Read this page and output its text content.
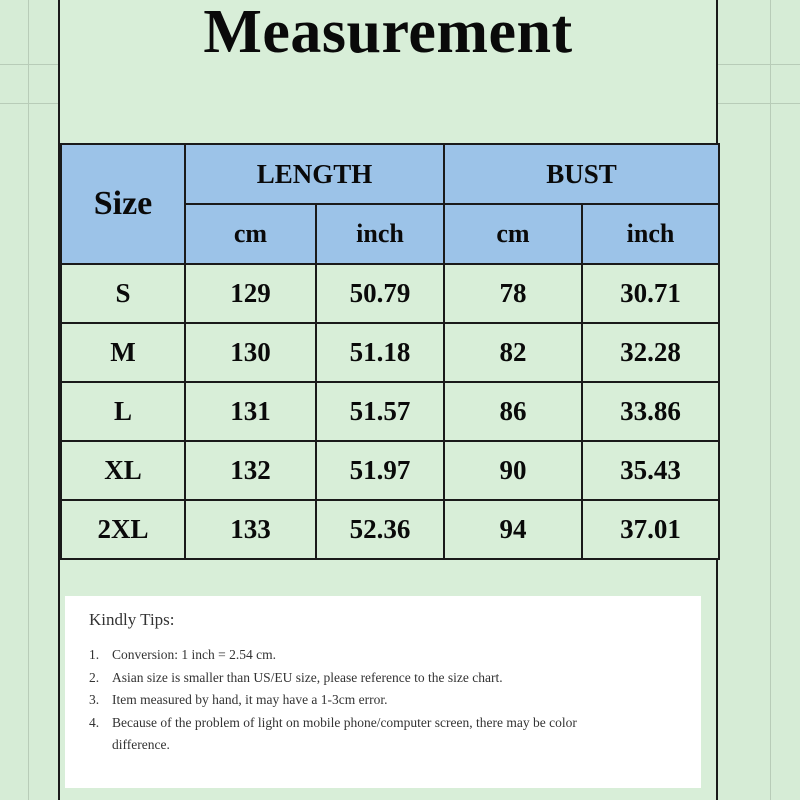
Measurement
Size	LENGTH		BUST	
	cm	inch	cm	inch
S	129	50.79	78	30.71
M	130	51.18	82	32.28
L	131	51.57	86	33.86
XL	132	51.97	90	35.43
2XL	133	52.36	94	37.01
Kindly Tips:
1. Conversion: 1 inch = 2.54 cm.
2. Asian size is smaller than US/EU size, please reference to the size chart.
3. Item measured by hand, it may have a 1-3cm error.
4. Because of the problem of light on mobile phone/computer screen, there may be color difference.
